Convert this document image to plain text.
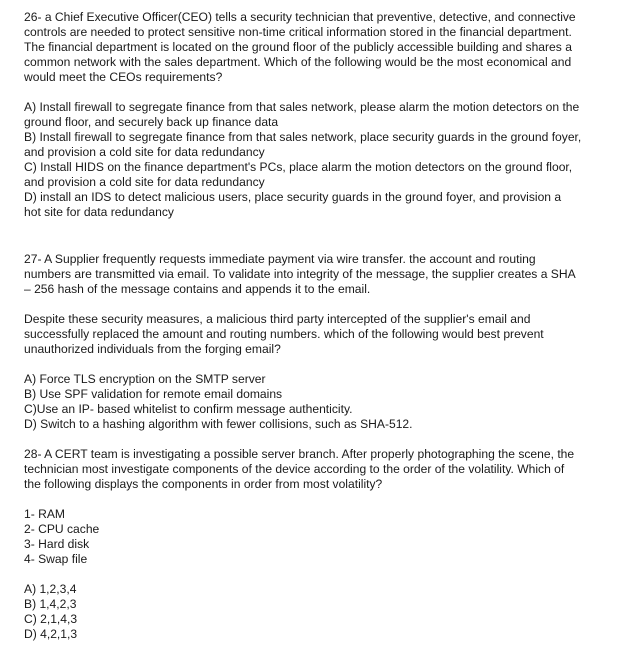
26- a Chief Executive Officer(CEO) tells a security technician that preventive, detective, and connective
controls are needed to protect sensitive non-time critical information stored in the financial department.
The financial department is located on the ground floor of the publicly accessible building and shares a
common network with the sales department. Which of the following would be the most economical and
would meet the CEOs requirements?
A) Install firewall to segregate finance from that sales network, please alarm the motion detectors on the
ground floor, and securely back up finance data
B) Install firewall to segregate finance from that sales network, place security guards in the ground foyer,
and provision a cold site for data redundancy
C) Install HIDS on the finance department's PCs, place alarm the motion detectors on the ground floor,
and provision a cold site for data redundancy
D) install an IDS to detect malicious users, place security guards in the ground foyer, and provision a
hot site for data redundancy
27- A Supplier frequently requests immediate payment via wire transfer. the account and routing
numbers are transmitted via email. To validate into integrity of the message, the supplier creates a SHA
– 256 hash of the message contains and appends it to the email.
Despite these security measures, a malicious third party intercepted of the supplier's email and
successfully replaced the amount and routing numbers. which of the following would best prevent
unauthorized individuals from the forging email?
A) Force TLS encryption on the SMTP server
B) Use SPF validation for remote email domains
C)Use an IP- based whitelist to confirm message authenticity.
D) Switch to a hashing algorithm with fewer collisions, such as SHA-512.
28- A CERT team is investigating a possible server branch. After properly photographing the scene, the
technician most investigate components of the device according to the order of the volatility. Which of
the following displays the components in order from most volatility?
1- RAM
2- CPU cache
3- Hard disk
4- Swap file
A) 1,2,3,4
B) 1,4,2,3
C) 2,1,4,3
D) 4,2,1,3
